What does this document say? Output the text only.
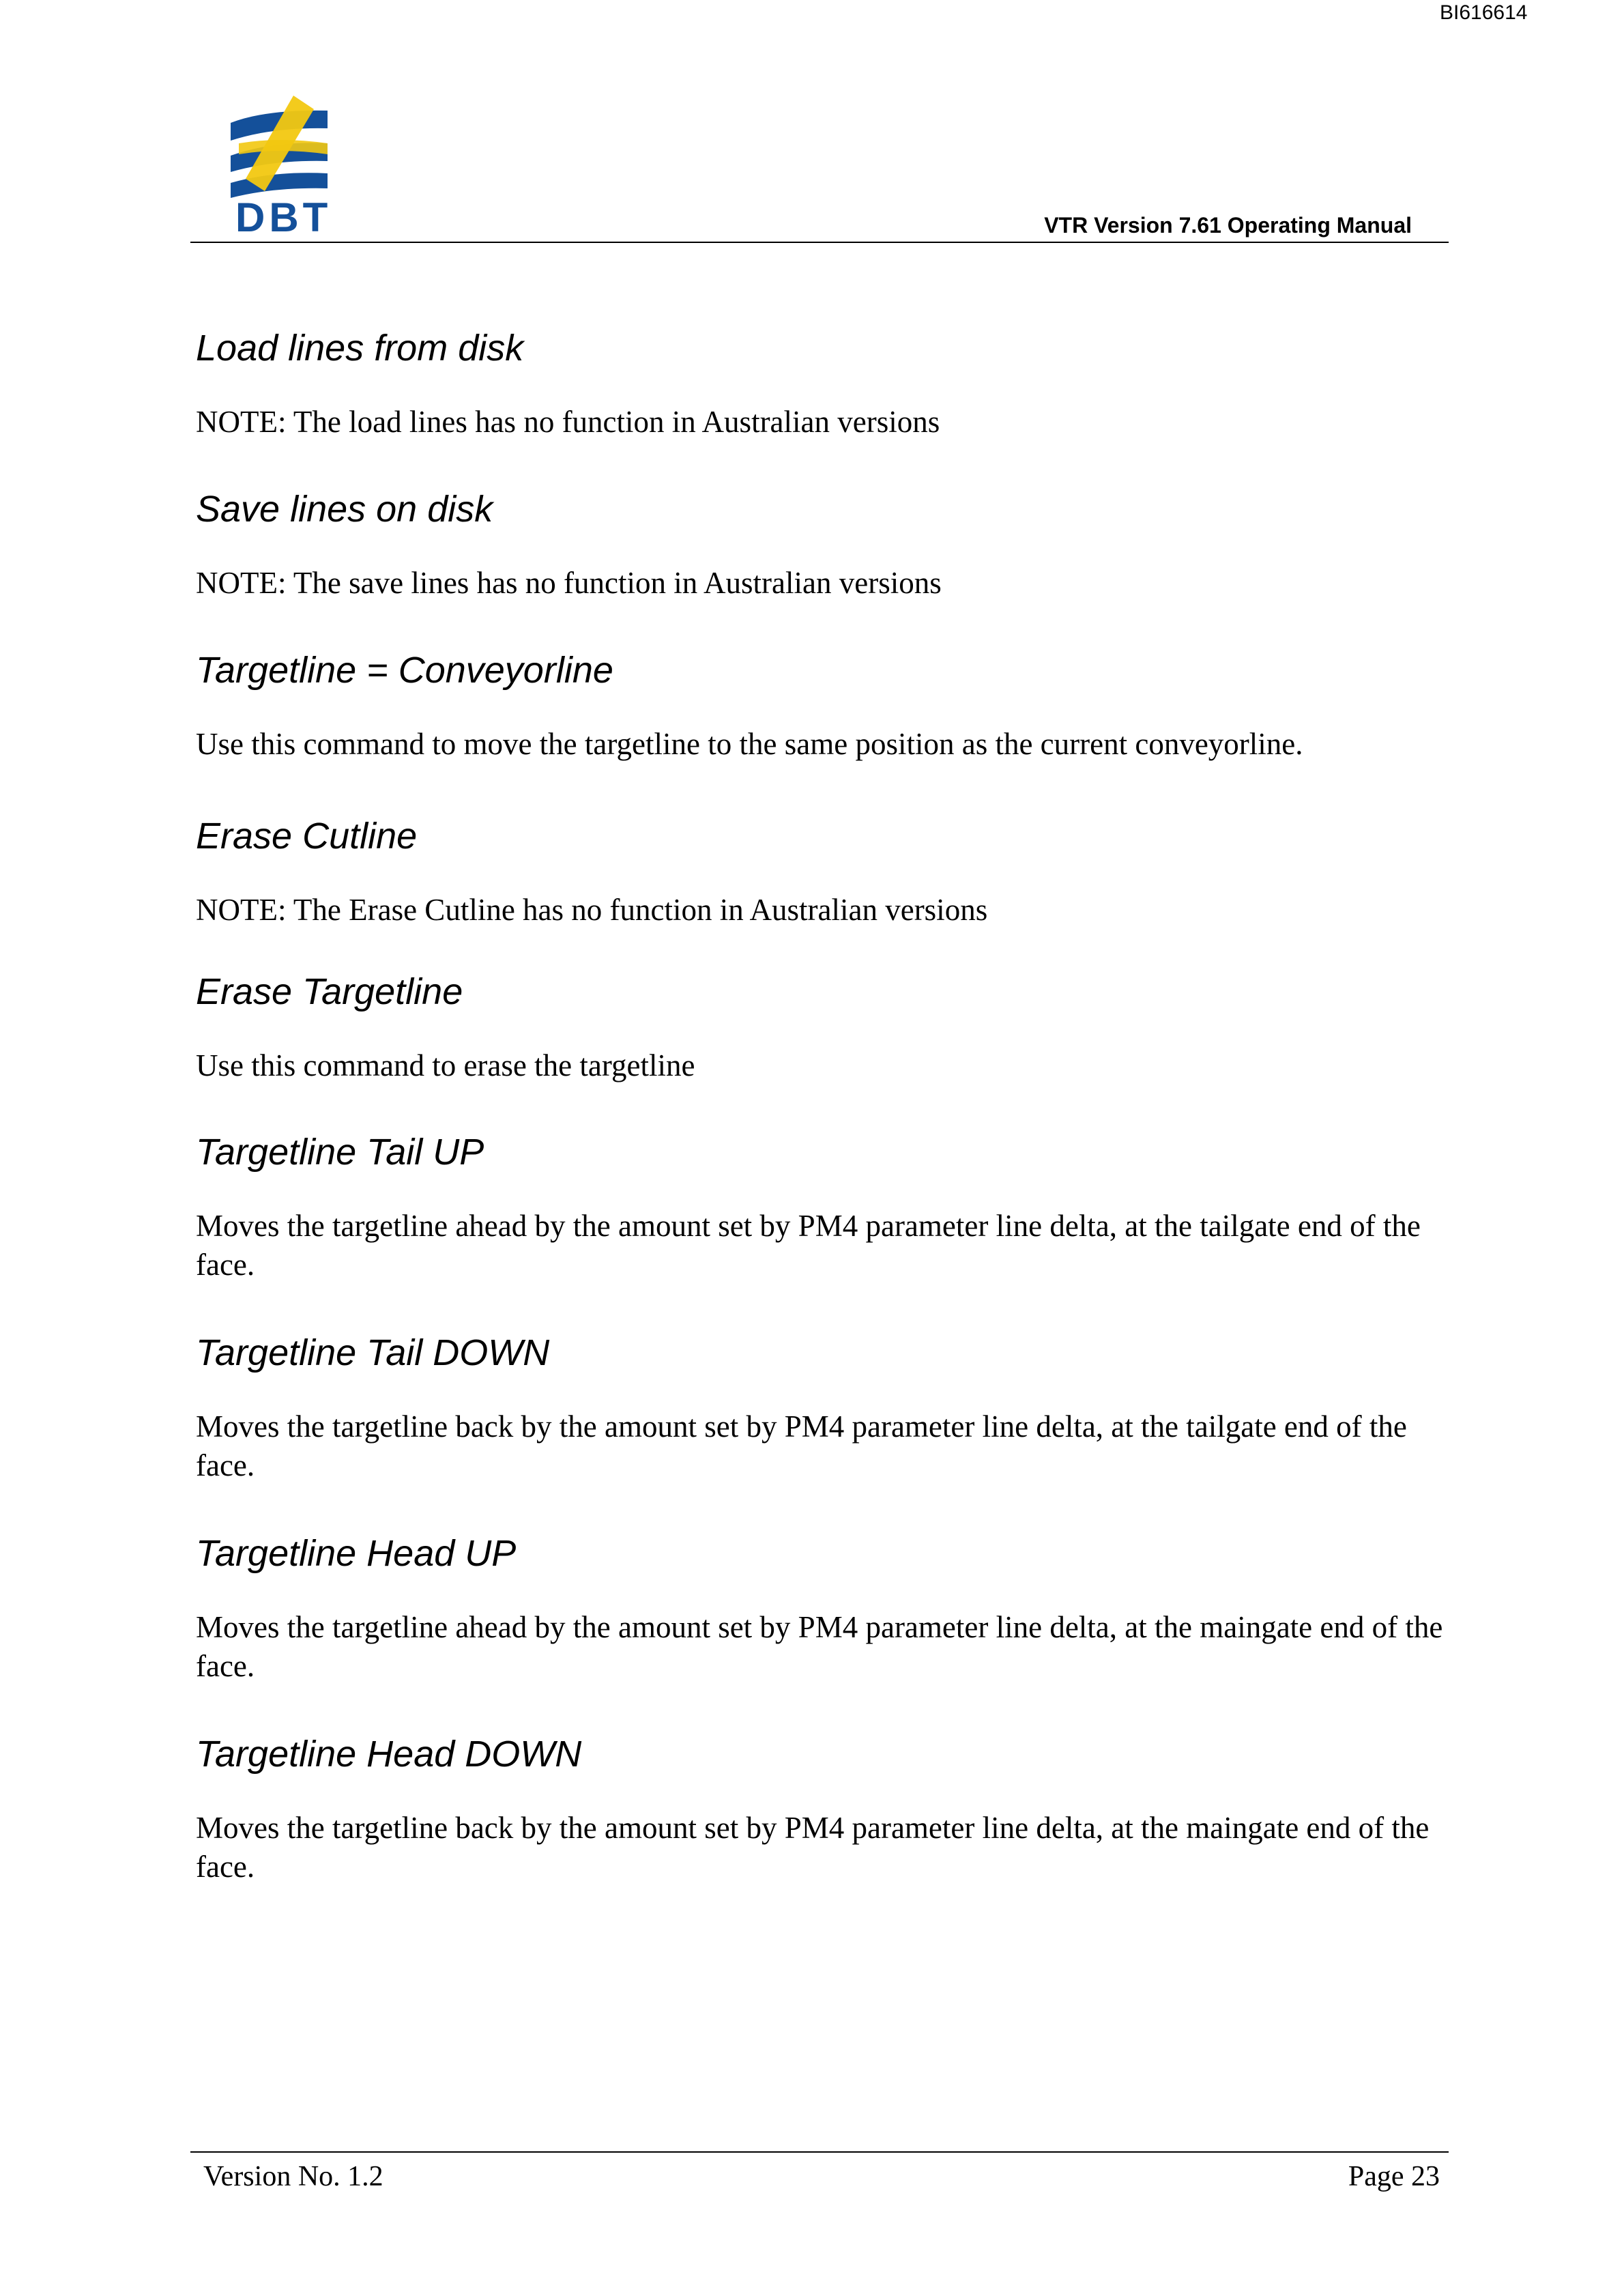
BI616614
DBT	VTR Version 7.61 Operating Manual
Load lines from disk

NOTE: The load lines has no function in Australian versions

Save lines on disk

NOTE: The save lines has no function in Australian versions

Targetline = Conveyorline

Use this command to move the targetline to the same position as the current conveyorline.

Erase Cutline

NOTE: The Erase Cutline has no function in Australian versions

Erase Targetline

Use this command to erase the targetline

Targetline Tail UP

Moves the targetline ahead by the amount set by PM4 parameter line delta, at the tailgate end of the face.

Targetline Tail DOWN

Moves the targetline back by the amount set by PM4 parameter line delta, at the tailgate end of the face.

Targetline Head UP

Moves the targetline ahead by the amount set by PM4 parameter line delta, at the maingate end of the face.

Targetline Head DOWN

Moves the targetline back by the amount set by PM4 parameter line delta, at the maingate end of the face.

Version No. 1.2	Page 23
